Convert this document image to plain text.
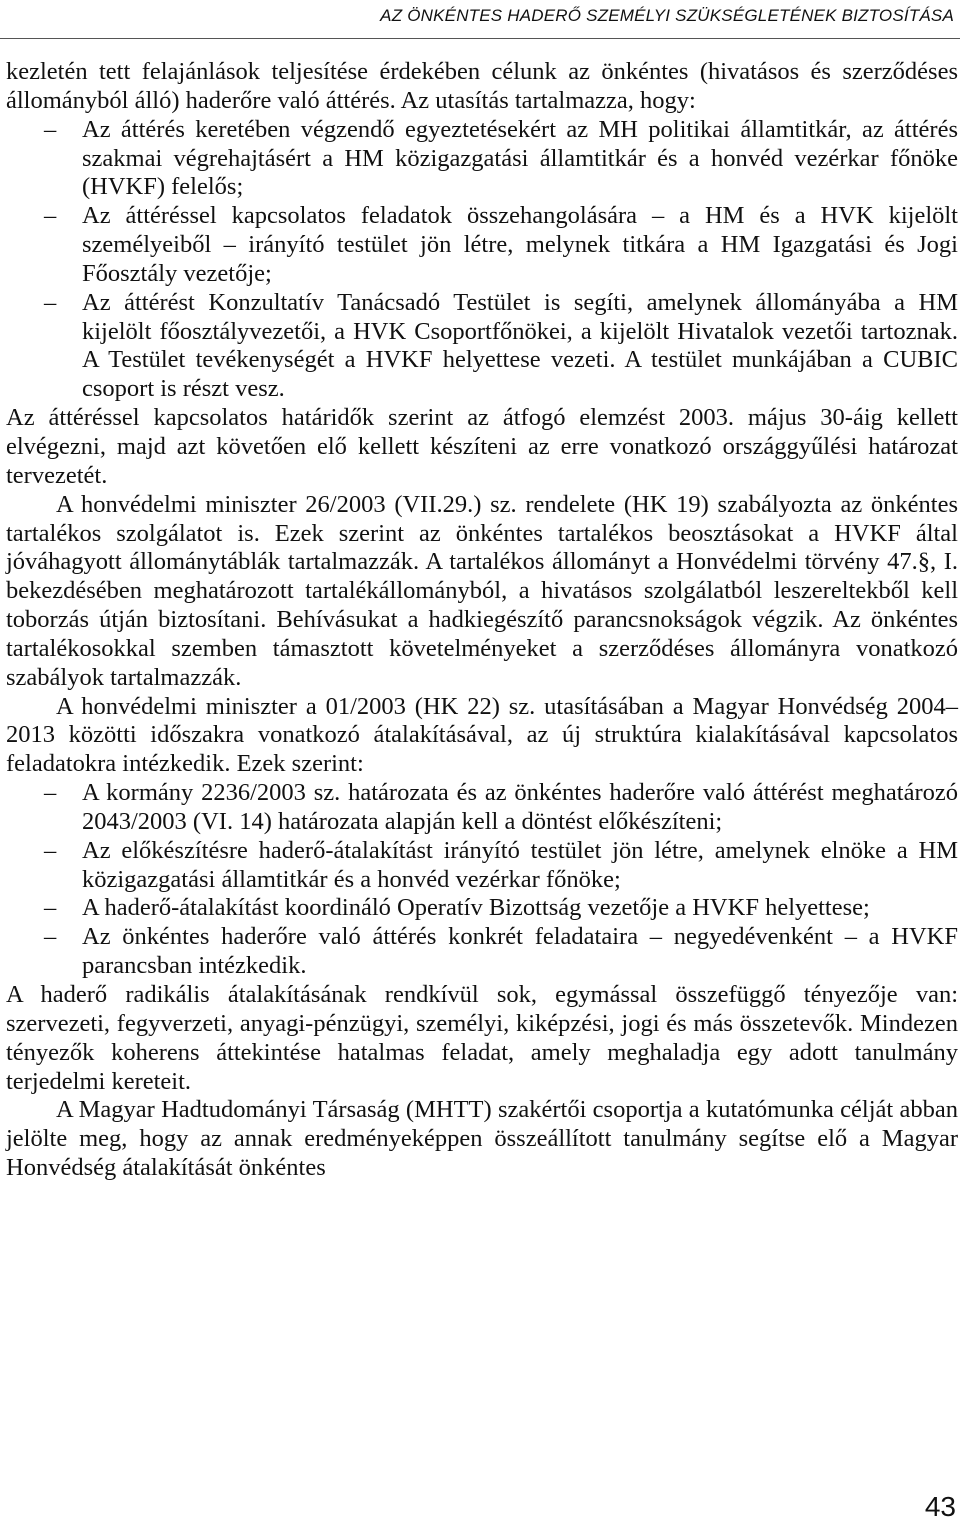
AZ ÖNKÉNTES HADERŐ SZEMÉLYI SZÜKSÉGLETÉNEK BIZTOSÍTÁSA

kezletén tett felajánlások teljesítése érdekében célunk az önkéntes (hivatásos és szerződéses állományból álló) haderőre való áttérés. Az utasítás tartalmazza, hogy:

– Az áttérés keretében végzendő egyeztetésekért az MH politikai államtitkár, az áttérés szakmai végrehajtásért a HM közigazgatási államtitkár és a honvéd vezérkar főnöke (HVKF) felelős;
– Az áttéréssel kapcsolatos feladatok összehangolására – a HM és a HVK kijelölt személyeiből – irányító testület jön létre, melynek titkára a HM Igazgatási és Jogi Főosztály vezetője;
– Az áttérést Konzultatív Tanácsadó Testület is segíti, amelynek állományába a HM kijelölt főosztályvezetői, a HVK Csoportfőnökei, a kijelölt Hivatalok vezetői tartoznak. A Testület tevékenységét a HVKF helyettese vezeti. A testület munkájában a CUBIC csoport is részt vesz.

Az áttéréssel kapcsolatos határidők szerint az átfogó elemzést 2003. május 30-áig kellett elvégezni, majd azt követően elő kellett készíteni az erre vonatkozó országgyűlési határozat tervezetét.

A honvédelmi miniszter 26/2003 (VII.29.) sz. rendelete (HK 19) szabályozta az önkéntes tartalékos szolgálatot is. Ezek szerint az önkéntes tartalékos beosztásokat a HVKF által jóváhagyott állománytáblák tartalmazzák. A tartalékos állományt a Honvédelmi törvény 47.§, I. bekezdésében meghatározott tartalékállományból, a hivatásos szolgálatból leszereltekből kell toborzás útján biztosítani. Behívásukat a hadkiegészítő parancsnokságok végzik. Az önkéntes tartalékosokkal szemben támasztott követelményeket a szerződéses állományra vonatkozó szabályok tartalmazzák.

A honvédelmi miniszter a 01/2003 (HK 22) sz. utasításában a Magyar Honvédség 2004–2013 közötti időszakra vonatkozó átalakításával, az új struktúra kialakításával kapcsolatos feladatokra intézkedik. Ezek szerint:

– A kormány 2236/2003 sz. határozata és az önkéntes haderőre való áttérést meghatározó 2043/2003 (VI. 14) határozata alapján kell a döntést előkészíteni;
– Az előkészítésre haderő-átalakítást irányító testület jön létre, amelynek elnöke a HM közigazgatási államtitkár és a honvéd vezérkar főnöke;
– A haderő-átalakítást koordináló Operatív Bizottság vezetője a HVKF helyettese;
– Az önkéntes haderőre való áttérés konkrét feladataira – negyedévenként – a HVKF parancsban intézkedik.

A haderő radikális átalakításának rendkívül sok, egymással összefüggő tényezője van: szervezeti, fegyverzeti, anyagi-pénzügyi, személyi, kiképzési, jogi és más összetevők. Mindezen tényezők koherens áttekintése hatalmas feladat, amely meghaladja egy adott tanulmány terjedelmi kereteit.

A Magyar Hadtudományi Társaság (MHTT) szakértői csoportja a kutatómunka célját abban jelölte meg, hogy az annak eredményeképpen összeállított tanulmány segítse elő a Magyar Honvédség átalakítását önkéntes

43
